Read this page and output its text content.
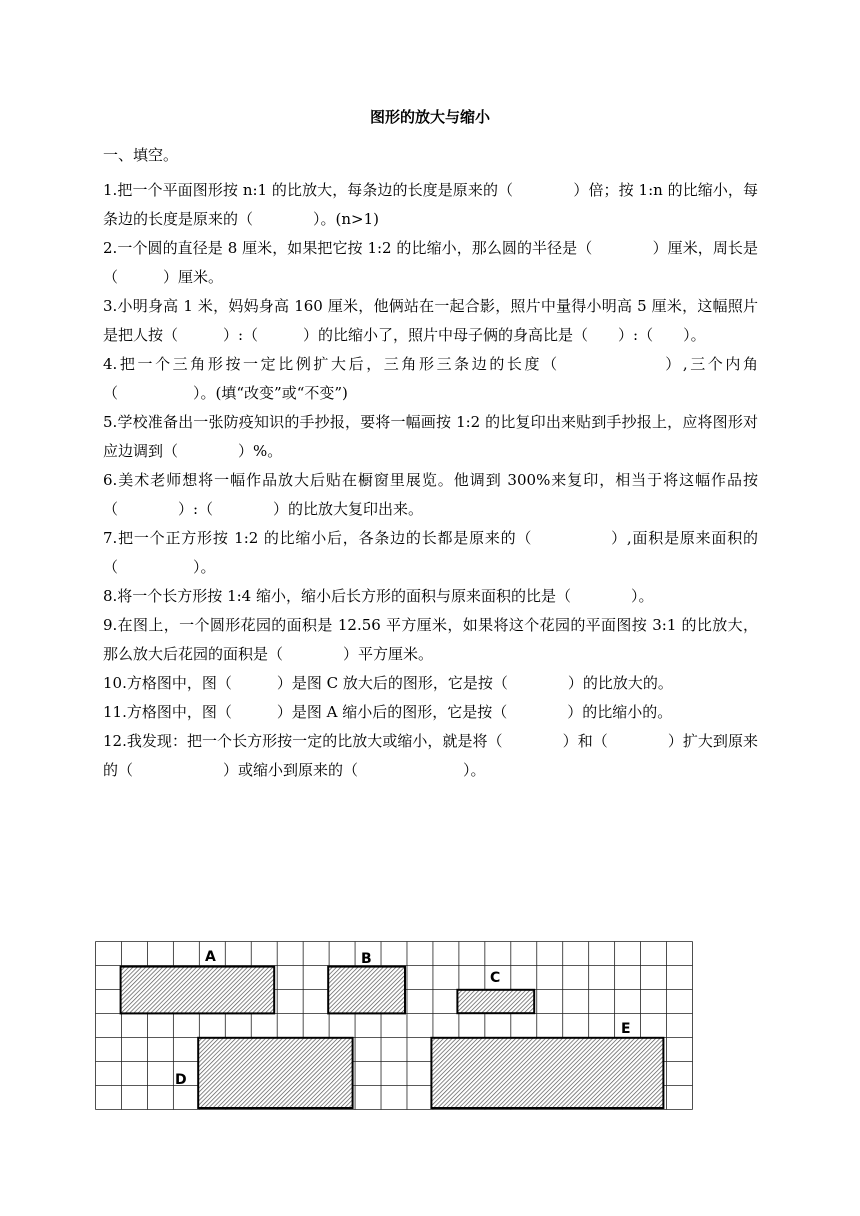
图形的放大与缩小
一、填空。

1.把一个平面图形按 n:1 的比放大，每条边的长度是原来的（　　　　）倍；按 1:n 的比缩小，每条边的长度是原来的（　　　　）。(n>1)

2.一个圆的直径是 8 厘米，如果把它按 1:2 的比缩小，那么圆的半径是（　　　　）厘米，周长是（　　　）厘米。

3.小明身高 1 米，妈妈身高 160 厘米，他俩站在一起合影，照片中量得小明高 5 厘米，这幅照片是把人按（　　　）:（　　　）的比缩小了，照片中母子俩的身高比是（　　）:（　　）。

4.把一个三角形按一定比例扩大后，三角形三条边的长度（　　　　　　）,三个内角（　　　　　）。(填“改变”或“不变”)

5.学校准备出一张防疫知识的手抄报，要将一幅画按 1:2 的比复印出来贴到手抄报上，应将图形对应边调到（　　　　）%。

6.美术老师想将一幅作品放大后贴在橱窗里展览。他调到 300%来复印，相当于将这幅作品按（　　　　）:（　　　　）的比放大复印出来。

7.把一个正方形按 1:2 的比缩小后，各条边的长都是原来的（　　　　　）,面积是原来面积的（　　　　　）。

8.将一个长方形按 1:4 缩小，缩小后长方形的面积与原来面积的比是（　　　　）。

9.在图上，一个圆形花园的面积是 12.56 平方厘米，如果将这个花园的平面图按 3:1 的比放大，那么放大后花园的面积是（　　　　）平方厘米。

10.方格图中，图（　　　）是图 C 放大后的图形，它是按（　　　　）的比放大的。

11.方格图中，图（　　　）是图 A 缩小后的图形，它是按（　　　　）的比缩小的。

12.我发现：把一个长方形按一定的比放大或缩小，就是将（　　　　）和（　　　　）扩大到原来的（　　　　　　）或缩小到原来的（　　　　　　　）。

A	B
C
D
E
